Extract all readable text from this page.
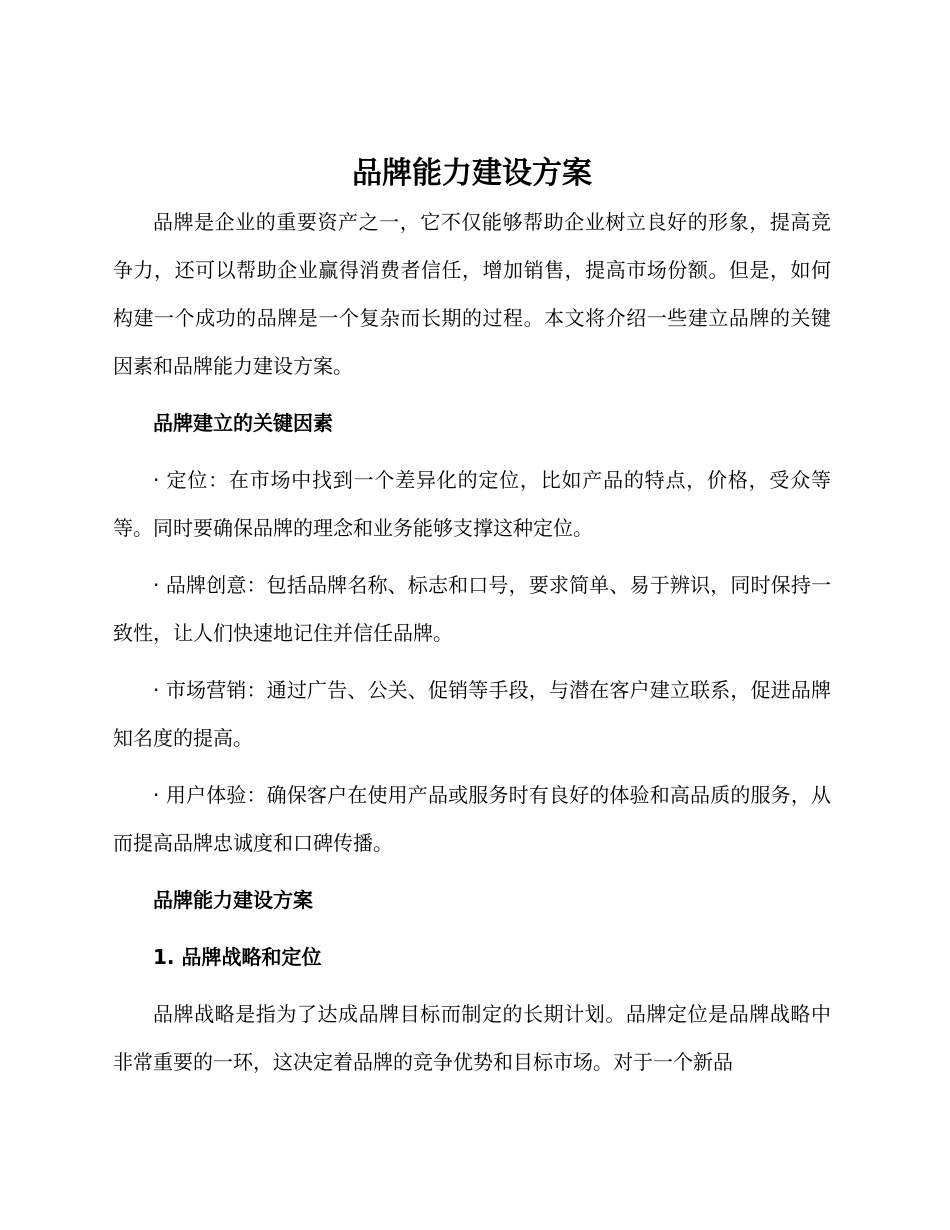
品牌能力建设方案

品牌是企业的重要资产之一，它不仅能够帮助企业树立良好的形象，提高竞争力，还可以帮助企业赢得消费者信任，增加销售，提高市场份额。但是，如何构建一个成功的品牌是一个复杂而长期的过程。本文将介绍一些建立品牌的关键因素和品牌能力建设方案。

品牌建立的关键因素

· 定位：在市场中找到一个差异化的定位，比如产品的特点，价格，受众等等。同时要确保品牌的理念和业务能够支撑这种定位。

· 品牌创意：包括品牌名称、标志和口号，要求简单、易于辨识，同时保持一致性，让人们快速地记住并信任品牌。

· 市场营销：通过广告、公关、促销等手段，与潜在客户建立联系，促进品牌知名度的提高。

· 用户体验：确保客户在使用产品或服务时有良好的体验和高品质的服务，从而提高品牌忠诚度和口碑传播。

品牌能力建设方案

1. 品牌战略和定位

品牌战略是指为了达成品牌目标而制定的长期计划。品牌定位是品牌战略中非常重要的一环，这决定着品牌的竞争优势和目标市场。对于一个新品
